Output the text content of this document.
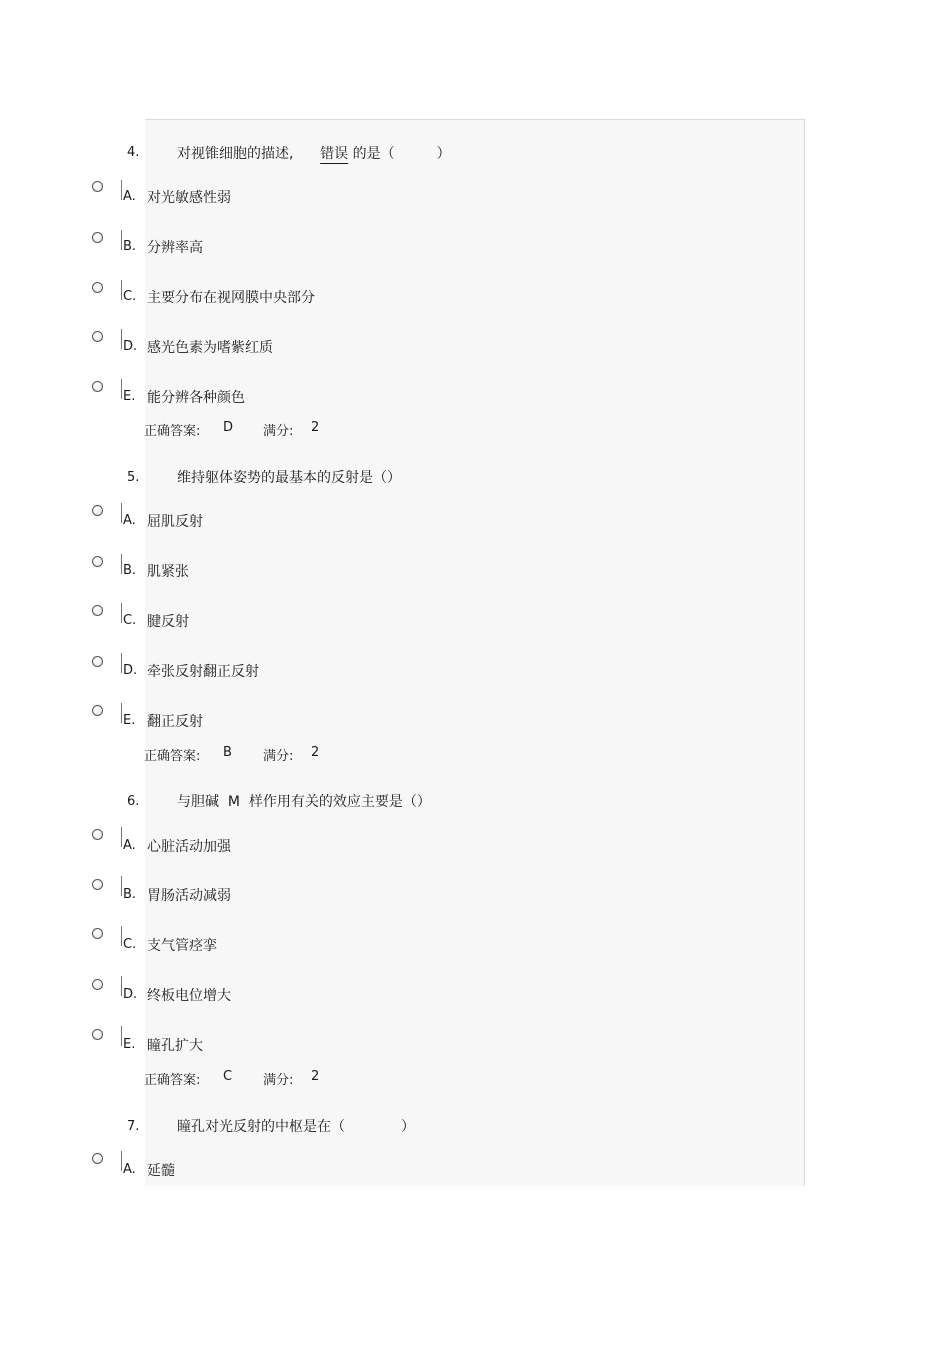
4.	对视锥细胞的描述, 错误 的是（　　　）
A. 对光敏感性弱
B. 分辨率高
C. 主要分布在视网膜中央部分
D. 感光色素为嗜紫红质
E. 能分辨各种颜色

正确答案:

D

满分:

2

5.	维持躯体姿势的最基本的反射是（）
A. 屈肌反射
B. 肌紧张
C. 腱反射
D. 牵张反射翻正反射
E. 翻正反射

正确答案:

B

满分:

2

6.	与胆碱  M  样作用有关的效应主要是（）
A. 心脏活动加强
B. 胃肠活动减弱
C. 支气管痉挛
D. 终板电位增大
E. 瞳孔扩大

正确答案:

C

满分:

2

7.	瞳孔对光反射的中枢是在（　　　　）
A. 延髓
